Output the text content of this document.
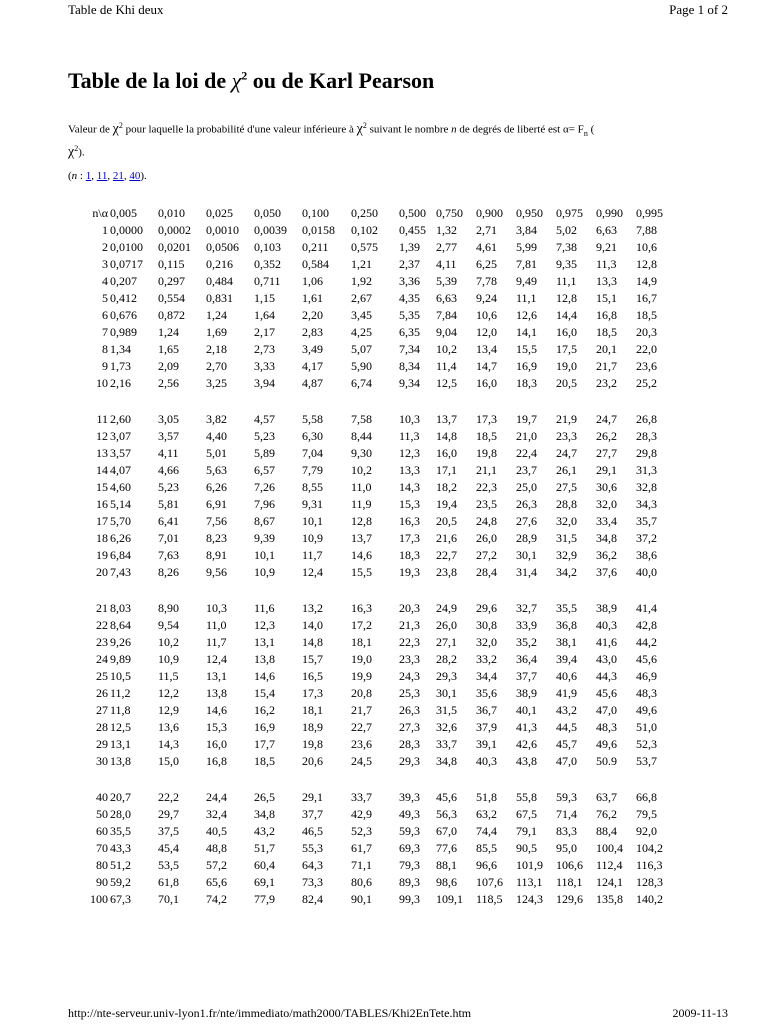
Table de Khi deux	Page 1 of 2
Table de la loi de $\chi^2$ ou de Karl Pearson
Valeur de $\chi^2$ pour laquelle la probabilité d'une valeur inférieure à $\chi^2$ suivant le nombre n de degrés de liberté est $\alpha= F_n$ (
$\chi^2$).
(n : 1, 11, 21, 40).
n\α	0,005	0,010	0,025	0,050	0,100	0,250	0,500	0,750	0,900	0,950	0,975	0,990	0,995
1	0,0000	0,0002	0,0010	0,0039	0,0158	0,102	0,455	1,32	2,71	3,84	5,02	6,63	7,88
2	0,0100	0,0201	0,0506	0,103	0,211	0,575	1,39	2,77	4,61	5,99	7,38	9,21	10,6
3	0,0717	0,115	0,216	0,352	0,584	1,21	2,37	4,11	6,25	7,81	9,35	11,3	12,8
4	0,207	0,297	0,484	0,711	1,06	1,92	3,36	5,39	7,78	9,49	11,1	13,3	14,9
5	0,412	0,554	0,831	1,15	1,61	2,67	4,35	6,63	9,24	11,1	12,8	15,1	16,7
6	0,676	0,872	1,24	1,64	2,20	3,45	5,35	7,84	10,6	12,6	14,4	16,8	18,5
7	0,989	1,24	1,69	2,17	2,83	4,25	6,35	9,04	12,0	14,1	16,0	18,5	20,3
8	1,34	1,65	2,18	2,73	3,49	5,07	7,34	10,2	13,4	15,5	17,5	20,1	22,0
9	1,73	2,09	2,70	3,33	4,17	5,90	8,34	11,4	14,7	16,9	19,0	21,7	23,6
10	2,16	2,56	3,25	3,94	4,87	6,74	9,34	12,5	16,0	18,3	20,5	23,2	25,2

11	2,60	3,05	3,82	4,57	5,58	7,58	10,3	13,7	17,3	19,7	21,9	24,7	26,8
12	3,07	3,57	4,40	5,23	6,30	8,44	11,3	14,8	18,5	21,0	23,3	26,2	28,3
13	3,57	4,11	5,01	5,89	7,04	9,30	12,3	16,0	19,8	22,4	24,7	27,7	29,8
14	4,07	4,66	5,63	6,57	7,79	10,2	13,3	17,1	21,1	23,7	26,1	29,1	31,3
15	4,60	5,23	6,26	7,26	8,55	11,0	14,3	18,2	22,3	25,0	27,5	30,6	32,8
16	5,14	5,81	6,91	7,96	9,31	11,9	15,3	19,4	23,5	26,3	28,8	32,0	34,3
17	5,70	6,41	7,56	8,67	10,1	12,8	16,3	20,5	24,8	27,6	32,0	33,4	35,7
18	6,26	7,01	8,23	9,39	10,9	13,7	17,3	21,6	26,0	28,9	31,5	34,8	37,2
19	6,84	7,63	8,91	10,1	11,7	14,6	18,3	22,7	27,2	30,1	32,9	36,2	38,6
20	7,43	8,26	9,56	10,9	12,4	15,5	19,3	23,8	28,4	31,4	34,2	37,6	40,0

21	8,03	8,90	10,3	11,6	13,2	16,3	20,3	24,9	29,6	32,7	35,5	38,9	41,4
22	8,64	9,54	11,0	12,3	14,0	17,2	21,3	26,0	30,8	33,9	36,8	40,3	42,8
23	9,26	10,2	11,7	13,1	14,8	18,1	22,3	27,1	32,0	35,2	38,1	41,6	44,2
24	9,89	10,9	12,4	13,8	15,7	19,0	23,3	28,2	33,2	36,4	39,4	43,0	45,6
25	10,5	11,5	13,1	14,6	16,5	19,9	24,3	29,3	34,4	37,7	40,6	44,3	46,9
26	11,2	12,2	13,8	15,4	17,3	20,8	25,3	30,1	35,6	38,9	41,9	45,6	48,3
27	11,8	12,9	14,6	16,2	18,1	21,7	26,3	31,5	36,7	40,1	43,2	47,0	49,6
28	12,5	13,6	15,3	16,9	18,9	22,7	27,3	32,6	37,9	41,3	44,5	48,3	51,0
29	13,1	14,3	16,0	17,7	19,8	23,6	28,3	33,7	39,1	42,6	45,7	49,6	52,3
30	13,8	15,0	16,8	18,5	20,6	24,5	29,3	34,8	40,3	43,8	47,0	50.9	53,7

40	20,7	22,2	24,4	26,5	29,1	33,7	39,3	45,6	51,8	55,8	59,3	63,7	66,8
50	28,0	29,7	32,4	34,8	37,7	42,9	49,3	56,3	63,2	67,5	71,4	76,2	79,5
60	35,5	37,5	40,5	43,2	46,5	52,3	59,3	67,0	74,4	79,1	83,3	88,4	92,0
70	43,3	45,4	48,8	51,7	55,3	61,7	69,3	77,6	85,5	90,5	95,0	100,4	104,2
80	51,2	53,5	57,2	60,4	64,3	71,1	79,3	88,1	96,6	101,9	106,6	112,4	116,3
90	59,2	61,8	65,6	69,1	73,3	80,6	89,3	98,6	107,6	113,1	118,1	124,1	128,3
100	67,3	70,1	74,2	77,9	82,4	90,1	99,3	109,1	118,5	124,3	129,6	135,8	140,2
http://nte-serveur.univ-lyon1.fr/nte/immediato/math2000/TABLES/Khi2EnTete.htm	2009-11-13
